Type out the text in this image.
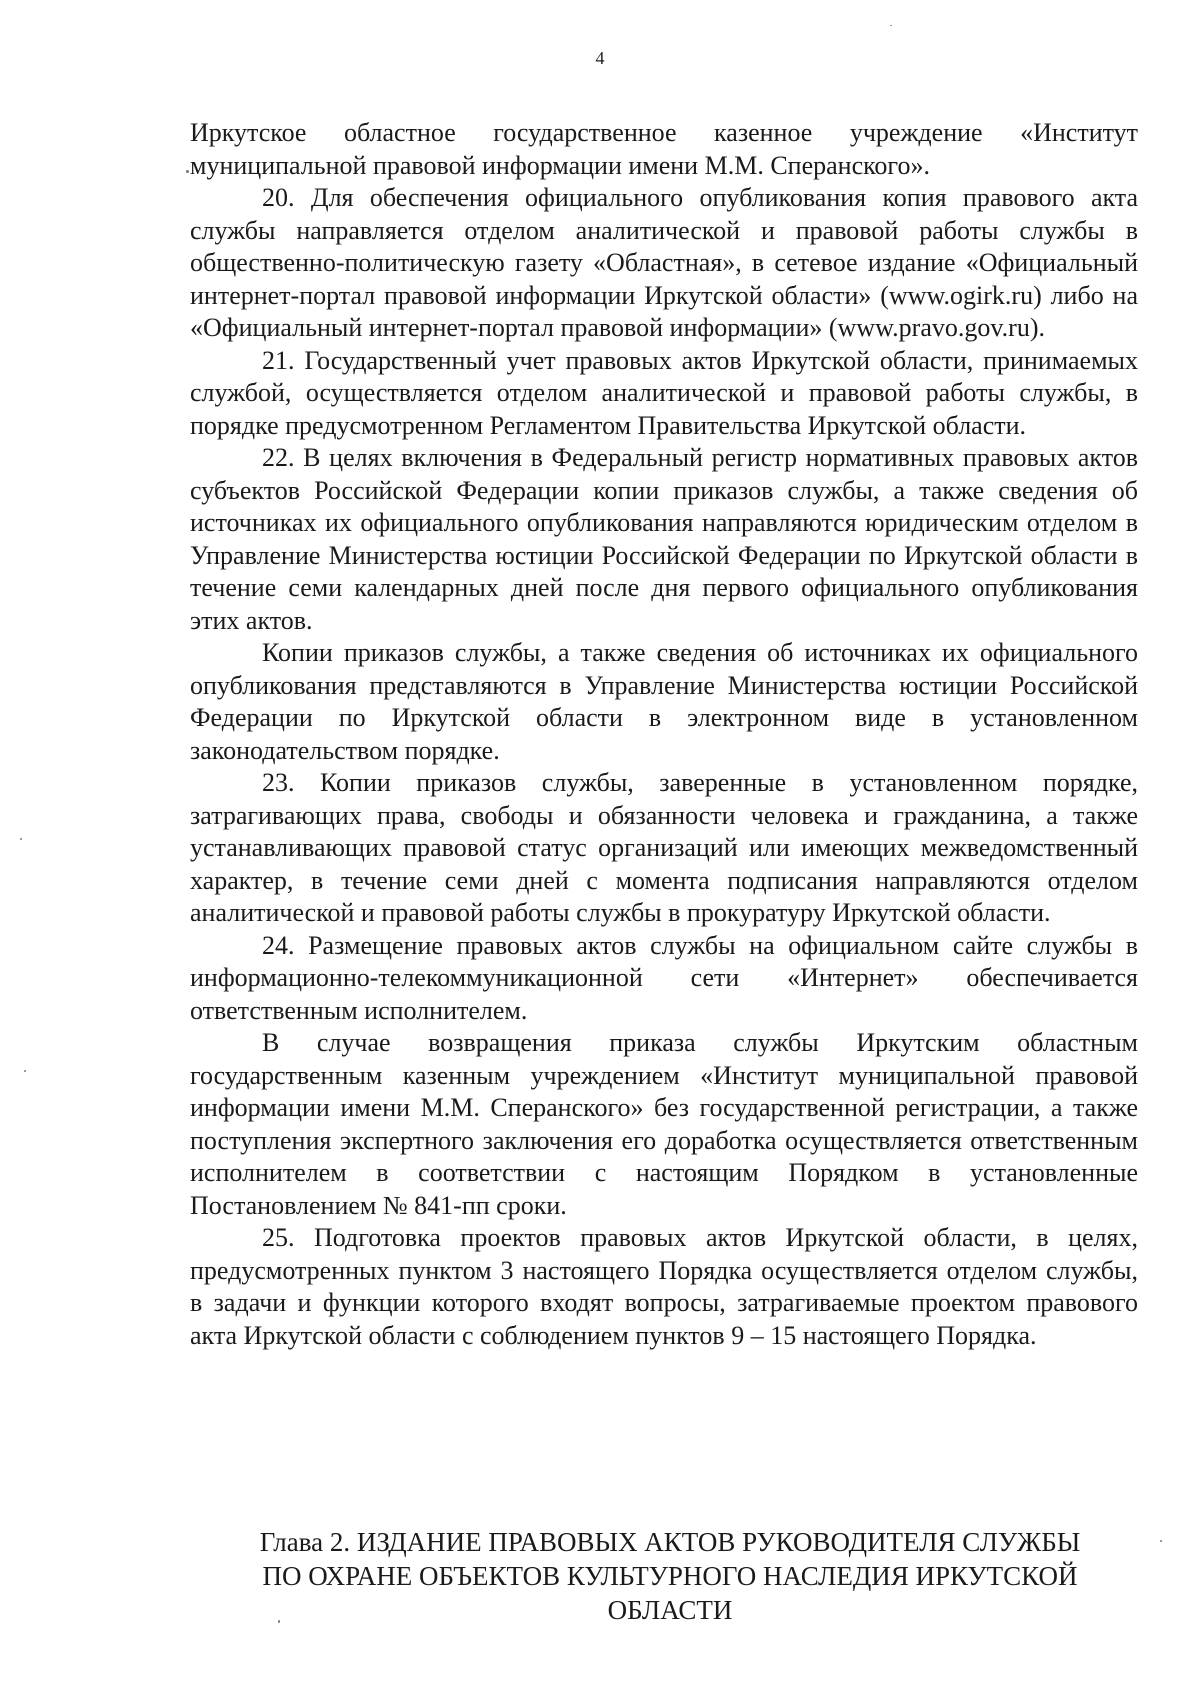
4

Иркутское областное государственное казенное учреждение «Институт муниципальной правовой информации имени М.М. Сперанского».

20. Для обеспечения официального опубликования копия правового акта службы направляется отделом аналитической и правовой работы службы в общественно-политическую газету «Областная», в сетевое издание «Официальный интернет-портал правовой информации Иркутской области» (www.ogirk.ru) либо на «Официальный интернет-портал правовой информации» (www.pravo.gov.ru).

21. Государственный учет правовых актов Иркутской области, принимаемых службой, осуществляется отделом аналитической и правовой работы службы, в порядке предусмотренном Регламентом Правительства Иркутской области.

22. В целях включения в Федеральный регистр нормативных правовых актов субъектов Российской Федерации копии приказов службы, а также сведения об источниках их официального опубликования направляются юридическим отделом в Управление Министерства юстиции Российской Федерации по Иркутской области в течение семи календарных дней после дня первого официального опубликования этих актов.

Копии приказов службы, а также сведения об источниках их официального опубликования представляются в Управление Министерства юстиции Российской Федерации по Иркутской области в электронном виде в установленном законодательством порядке.

23. Копии приказов службы, заверенные в установленном порядке, затрагивающих права, свободы и обязанности человека и гражданина, а также устанавливающих правовой статус организаций или имеющих межведомственный характер, в течение семи дней с момента подписания направляются отделом аналитической и правовой работы службы в прокуратуру Иркутской области.

24. Размещение правовых актов службы на официальном сайте службы в информационно-телекоммуникационной сети «Интернет» обеспечивается ответственным исполнителем.

В случае возвращения приказа службы Иркутским областным государственным казенным учреждением «Институт муниципальной правовой информации имени М.М. Сперанского» без государственной регистрации, а также поступления экспертного заключения его доработка осуществляется ответственным исполнителем в соответствии с настоящим Порядком в установленные Постановлением № 841-пп сроки.

25. Подготовка проектов правовых актов Иркутской области, в целях, предусмотренных пунктом 3 настоящего Порядка осуществляется отделом службы, в задачи и функции которого входят вопросы, затрагиваемые проектом правового акта Иркутской области с соблюдением пунктов 9 – 15 настоящего Порядка.

Глава 2. ИЗДАНИЕ ПРАВОВЫХ АКТОВ РУКОВОДИТЕЛЯ СЛУЖБЫ
ПО ОХРАНЕ ОБЪЕКТОВ КУЛЬТУРНОГО НАСЛЕДИЯ ИРКУТСКОЙ
ОБЛАСТИ
